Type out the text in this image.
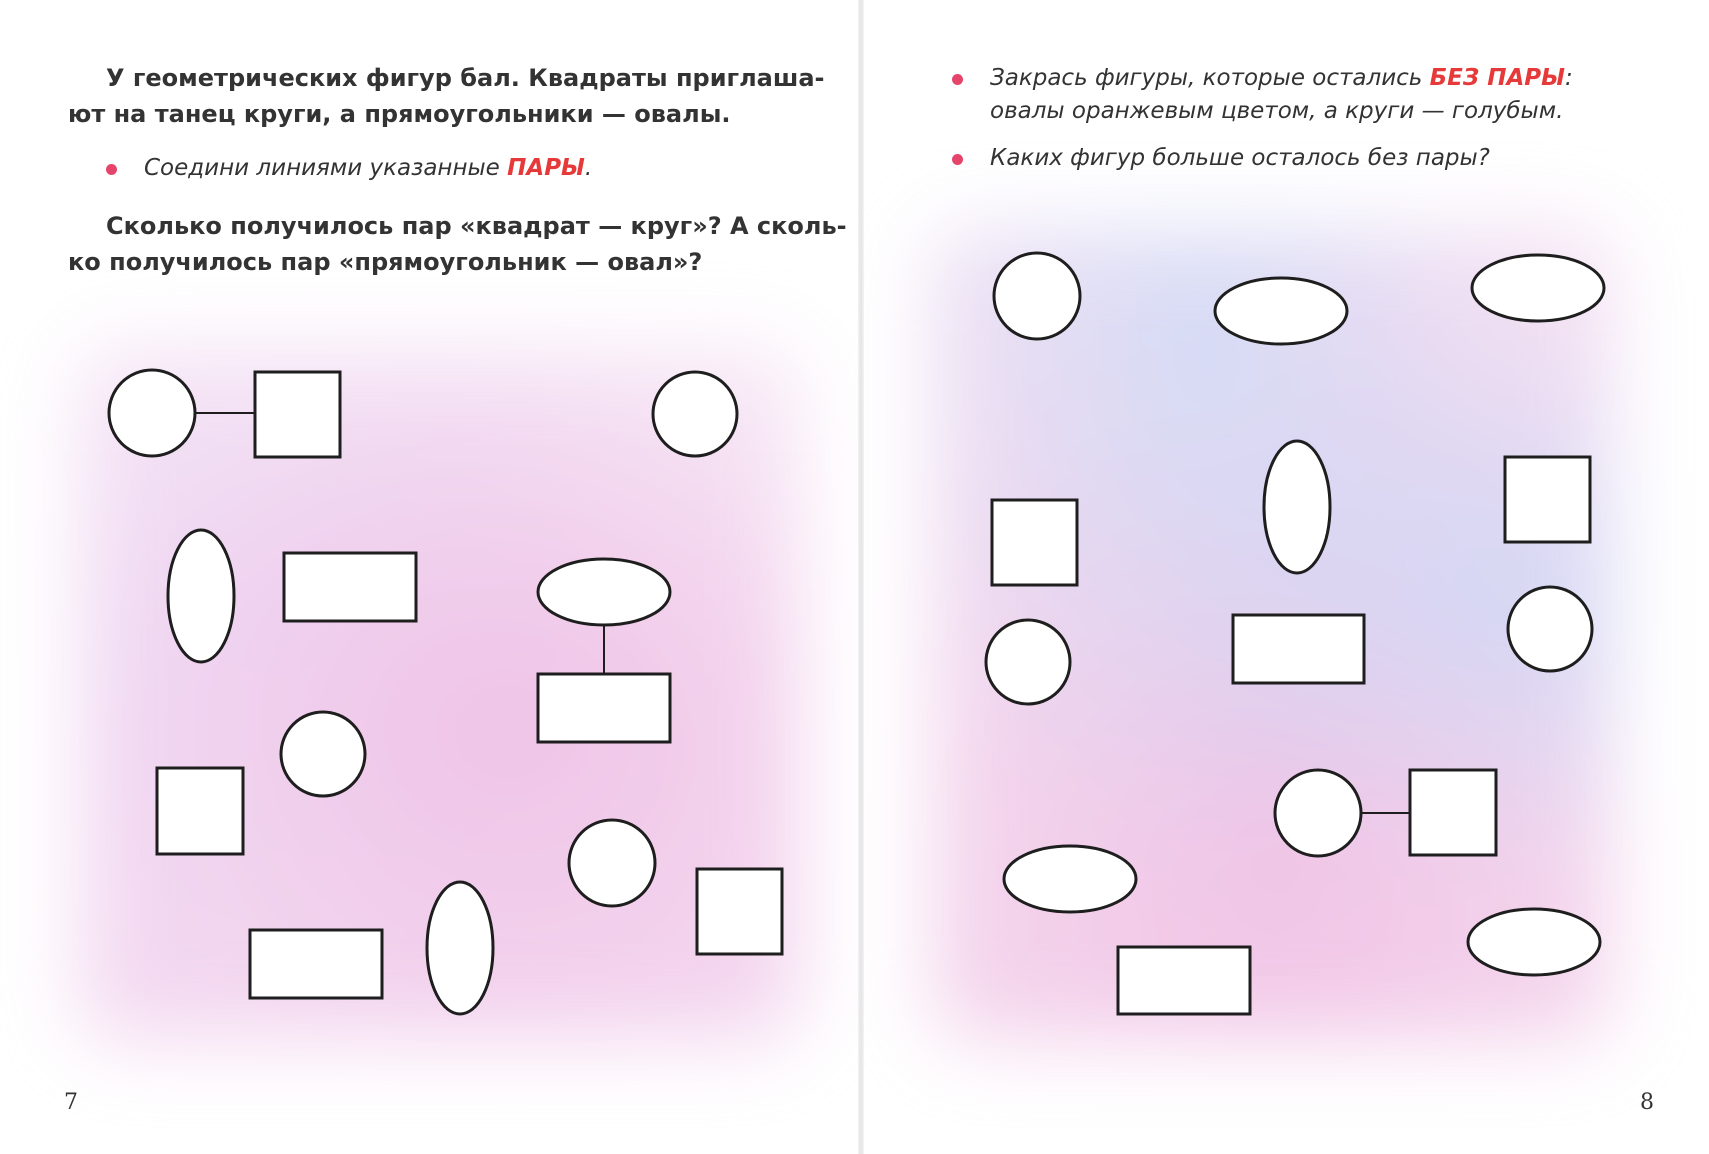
У геометрических фигур бал. Квадраты приглаша-

ют на танец круги, а прямоугольники — овалы.

Соедини линиями указанные ПАРЫ.

Сколько получилось пар «квадрат — круг»? А сколь-

ко получилось пар «прямоугольник — овал»?

7
Закрась фигуры, которые остались БЕЗ ПАРЫ:
овалы оранжевым цветом, а круги — голубым.
Каких фигур больше осталось без пары?
8
